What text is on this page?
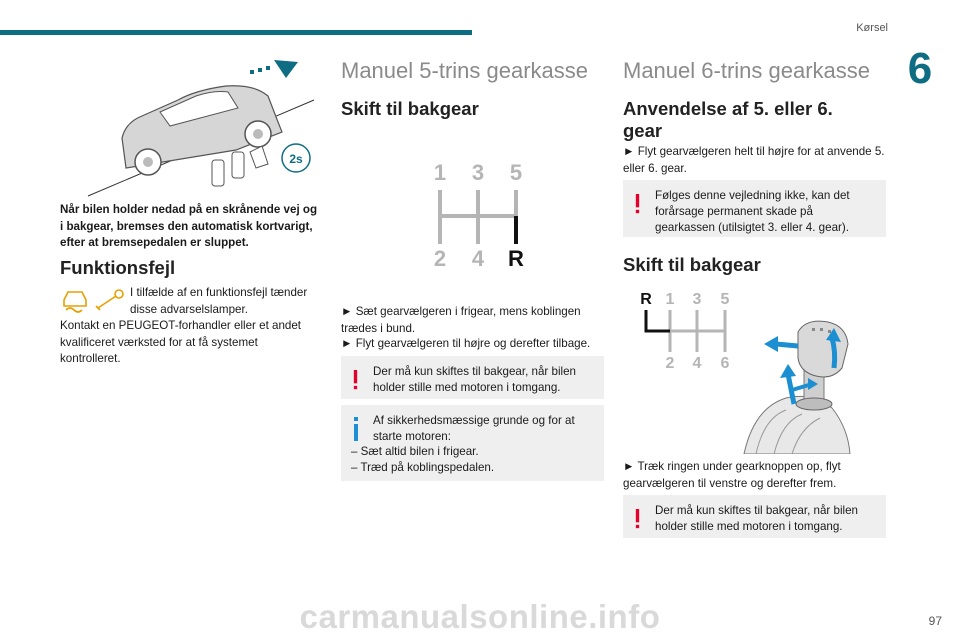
Kørsel
6
2s
Når bilen holder nedad på en skrånende vej og i bakgear, bremses den automatisk kortvarigt, efter at bremsepedalen er sluppet.
Funktionsfejl
I tilfælde af en funktionsfejl tænder disse advarselslamper.
Kontakt en PEUGEOT-forhandler eller et andet kvalificeret værksted for at få systemet kontrolleret.
Manuel 5-trins gearkasse
Skift til bakgear
1 3 5
2 4 R
► Sæt gearvælgeren i frigear, mens koblingen trædes i bund.
► Flyt gearvælgeren til højre og derefter tilbage.
Der må kun skiftes til bakgear, når bilen holder stille med motoren i tomgang.
Af sikkerhedsmæssige grunde og for at starte motoren:
– Sæt altid bilen i frigear.
– Træd på koblingspedalen.
Manuel 6-trins gearkasse
Anvendelse af 5. eller 6. gear
► Flyt gearvælgeren helt til højre for at anvende 5. eller 6. gear.
Følges denne vejledning ikke, kan det forårsage permanent skade på gearkassen (utilsigtet 3. eller 4. gear).
Skift til bakgear
R 1 3 5
2 4 6
► Træk ringen under gearknoppen op, flyt gearvælgeren til venstre og derefter frem.
Der må kun skiftes til bakgear, når bilen holder stille med motoren i tomgang.
carmanualsonline.info	97
